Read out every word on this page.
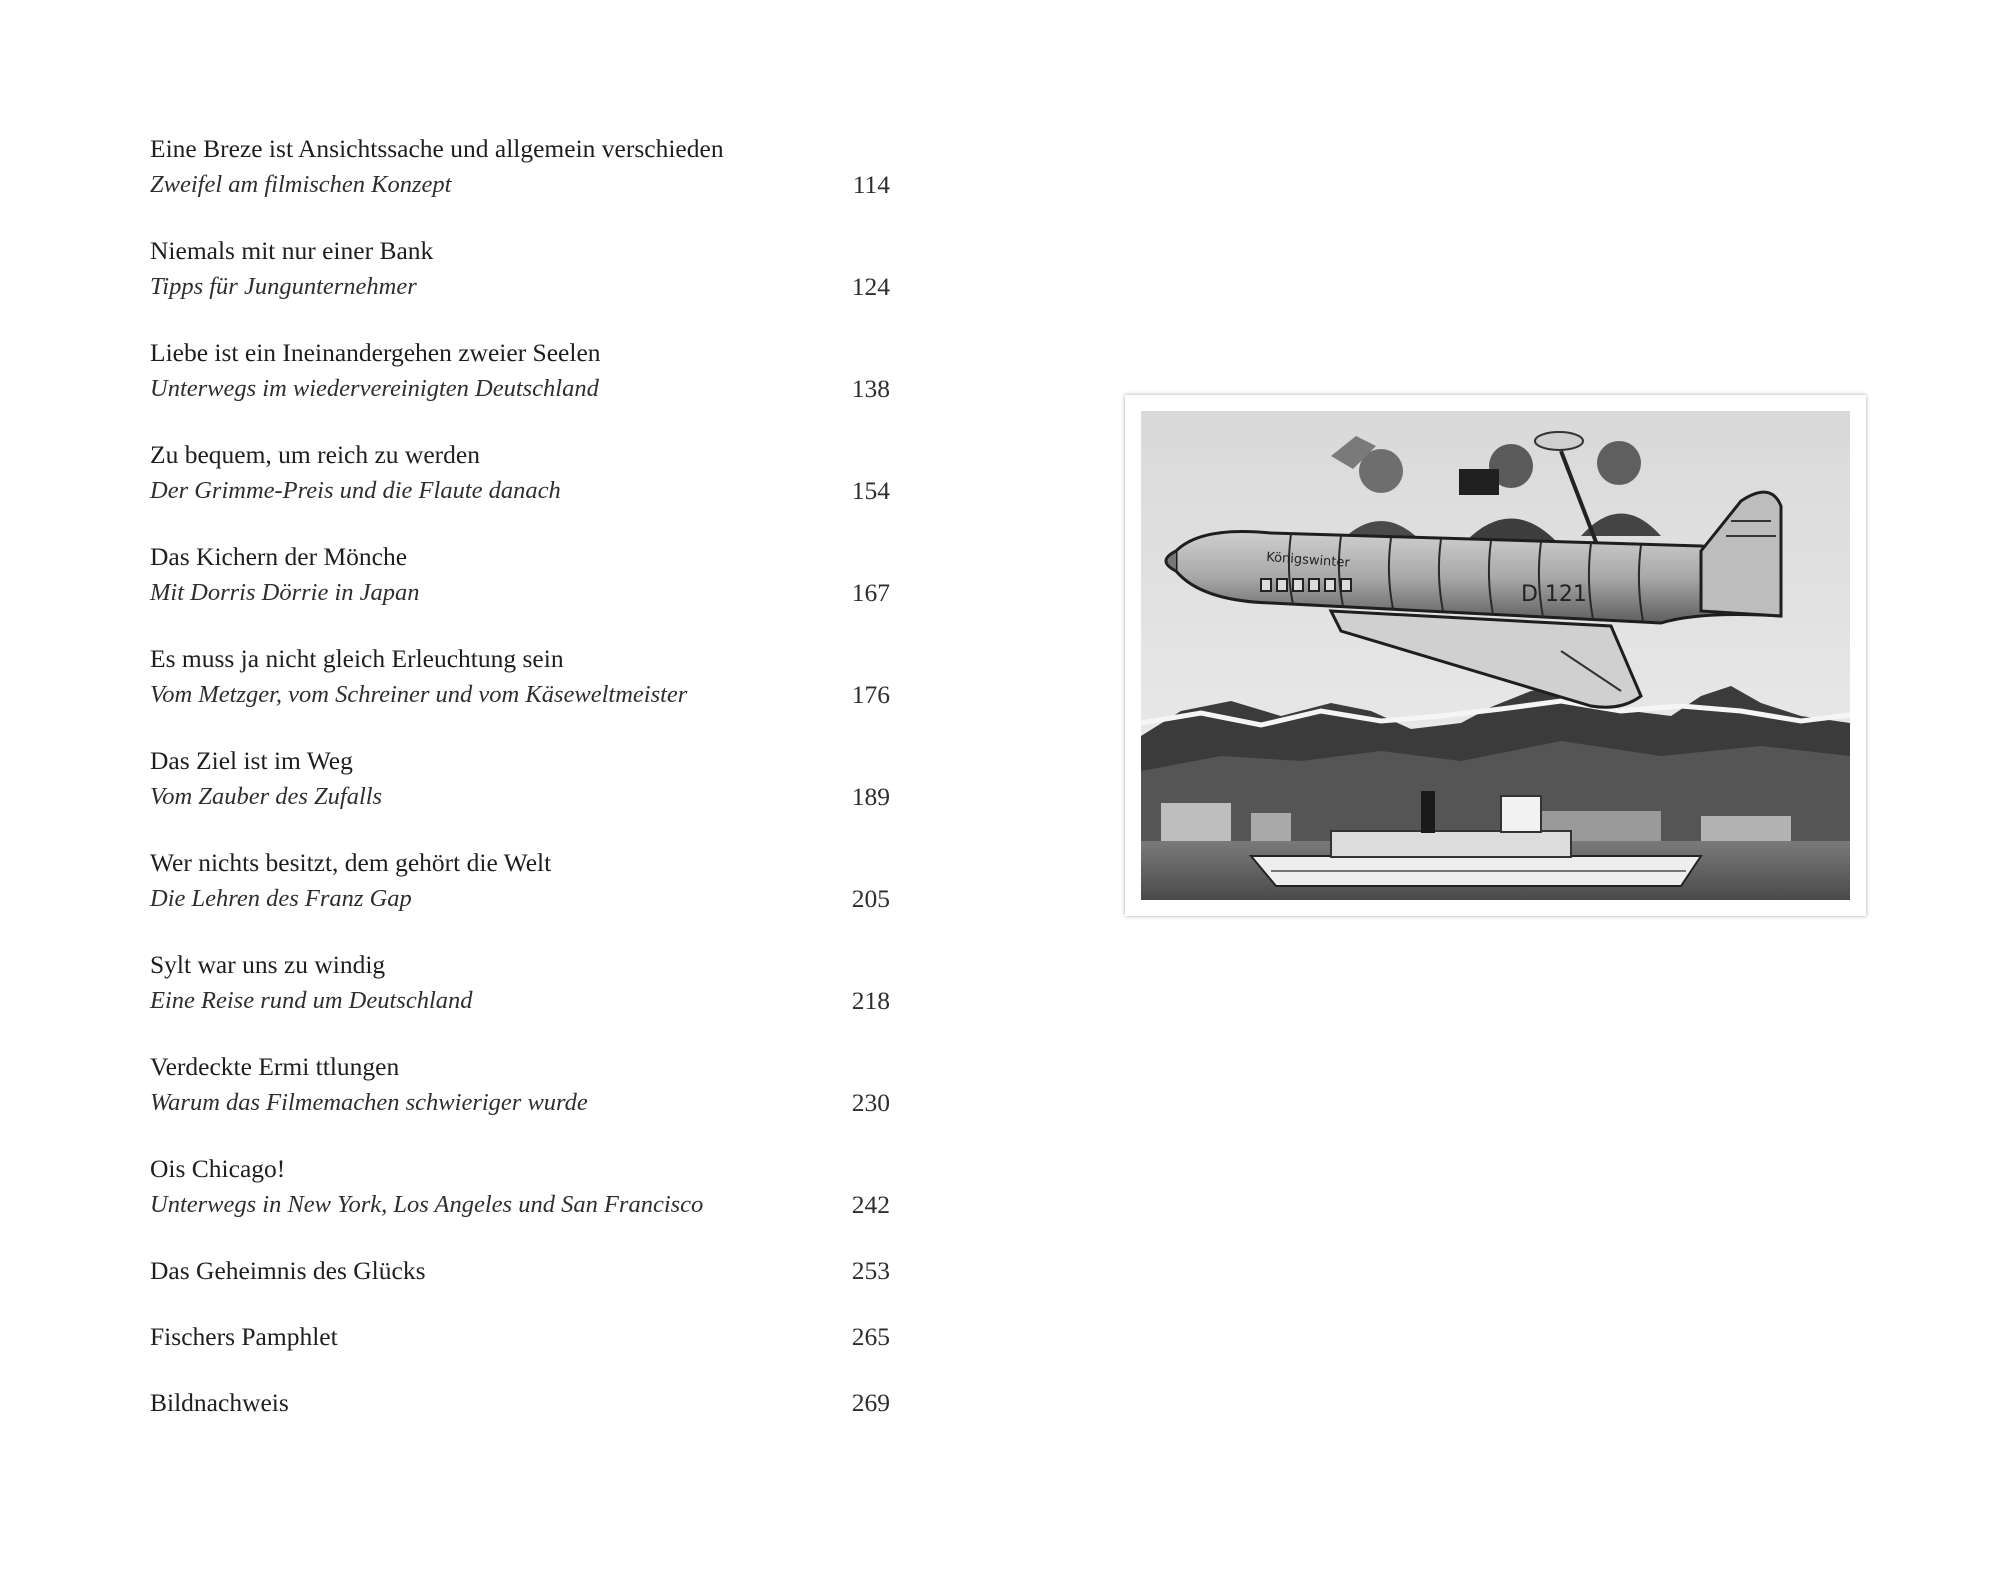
Eine Breze ist Ansichtssache und allgemein verschieden
Zweifel am filmischen Konzept	114
Niemals mit nur einer Bank
Tipps für Jungunternehmer	124
Liebe ist ein Ineinandergehen zweier Seelen
Unterwegs im wiedervereinigten Deutschland	138
Zu bequem, um reich zu werden
Der Grimme-Preis und die Flaute danach	154
Das Kichern der Mönche
Mit Dorris Dörrie in Japan	167
Es muss ja nicht gleich Erleuchtung sein
Vom Metzger, vom Schreiner und vom Käseweltmeister	176
Das Ziel ist im Weg
Vom Zauber des Zufalls	189
Wer nichts besitzt, dem gehört die Welt
Die Lehren des Franz Gap	205
Sylt war uns zu windig
Eine Reise rund um Deutschland	218
Verdeckte Ermi ttlungen
Warum das Filmemachen schwieriger wurde	230
Ois Chicago!
Unterwegs in New York, Los Angeles und San Francisco	242
Das Geheimnis des Glücks	253
Fischers Pamphlet	265
Bildnachweis	269
Königswinter
D 121
